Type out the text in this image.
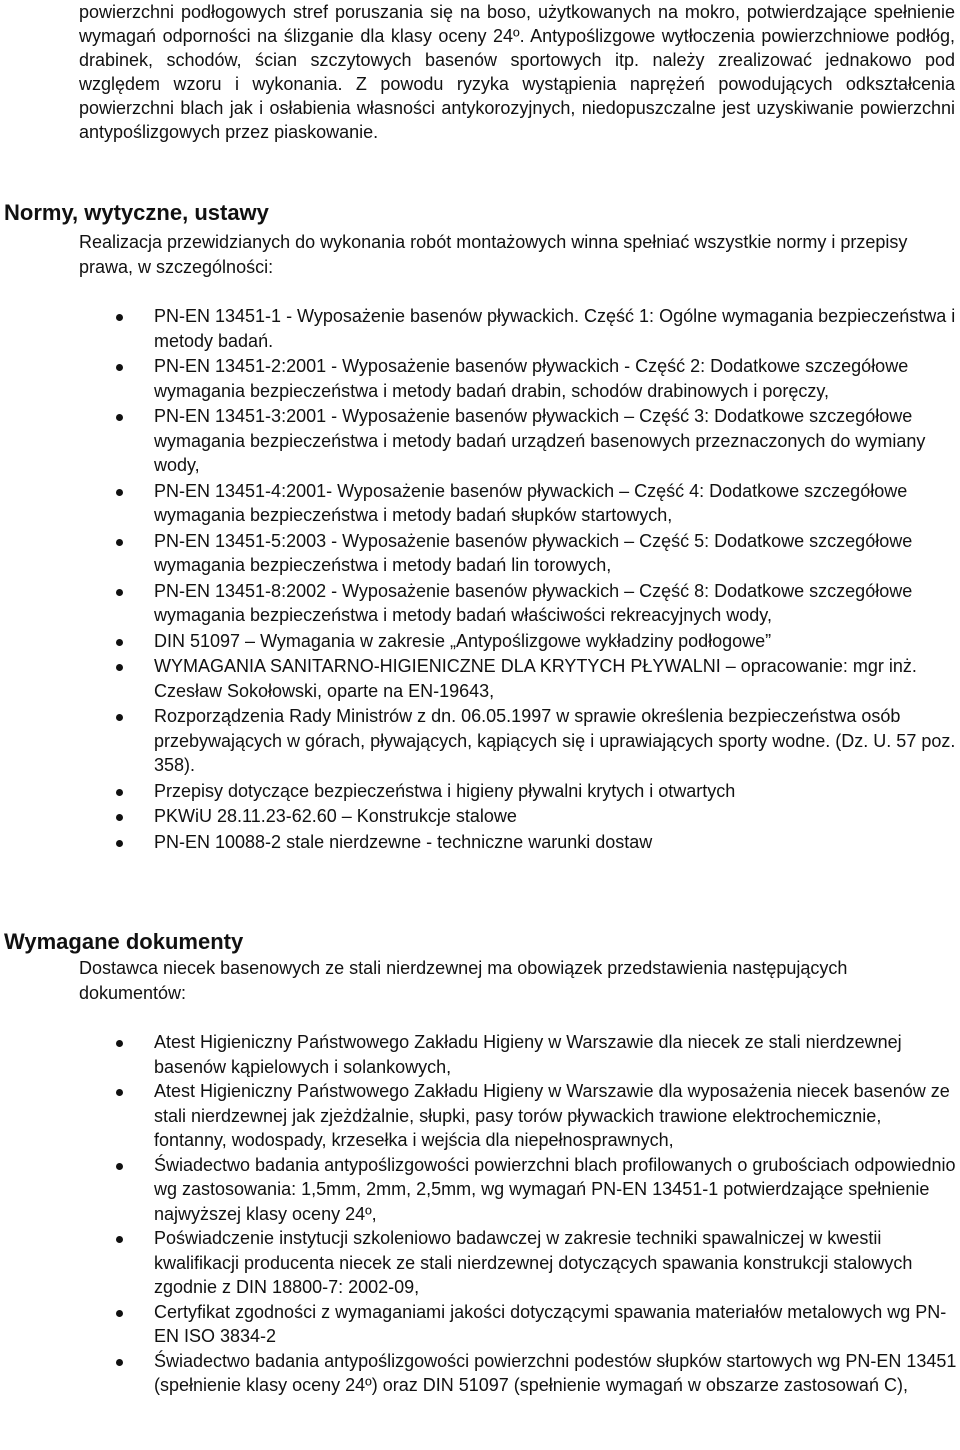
powierzchni podłogowych stref poruszania się na boso, użytkowanych na mokro, potwierdzające spełnienie wymagań odporności na ślizganie dla klasy oceny 24º. Antypoślizgowe wytłoczenia powierzchniowe podłóg, drabinek, schodów, ścian szczytowych basenów sportowych itp. należy zrealizować jednakowo pod względem wzoru i wykonania. Z powodu ryzyka wystąpienia naprężeń powodujących odkształcenia powierzchni blach jak i osłabienia własności antykorozyjnych, niedopuszczalne jest uzyskiwanie powierzchni antypoślizgowych przez piaskowanie.
Normy, wytyczne, ustawy
Realizacja przewidzianych do wykonania robót montażowych winna spełniać wszystkie normy i przepisy prawa, w szczególności:
PN-EN 13451-1 - Wyposażenie basenów pływackich. Część 1: Ogólne wymagania bezpieczeństwa i metody badań.
PN-EN 13451-2:2001 - Wyposażenie basenów pływackich - Część 2: Dodatkowe szczegółowe wymagania bezpieczeństwa i metody badań drabin, schodów drabinowych i poręczy,
PN-EN 13451-3:2001 - Wyposażenie basenów pływackich – Część 3: Dodatkowe szczegółowe wymagania bezpieczeństwa i metody badań urządzeń basenowych przeznaczonych do wymiany wody,
PN-EN 13451-4:2001- Wyposażenie basenów pływackich – Część 4: Dodatkowe szczegółowe wymagania bezpieczeństwa i metody badań słupków startowych,
PN-EN 13451-5:2003 - Wyposażenie basenów pływackich – Część 5: Dodatkowe szczegółowe wymagania bezpieczeństwa i metody badań lin torowych,
PN-EN 13451-8:2002 - Wyposażenie basenów pływackich – Część 8: Dodatkowe szczegółowe wymagania bezpieczeństwa i metody badań właściwości rekreacyjnych wody,
DIN 51097 – Wymagania w zakresie „Antypoślizgowe wykładziny podłogowe”
WYMAGANIA SANITARNO-HIGIENICZNE DLA KRYTYCH PŁYWALNI – opracowanie: mgr inż. Czesław Sokołowski, oparte na EN-19643,
Rozporządzenia Rady Ministrów z dn. 06.05.1997 w sprawie określenia bezpieczeństwa osób przebywających w górach, pływających, kąpiących się i uprawiających sporty wodne. (Dz. U. 57 poz. 358).
Przepisy dotyczące bezpieczeństwa i higieny pływalni krytych i otwartych
PKWiU 28.11.23-62.60 – Konstrukcje stalowe
PN-EN 10088-2 stale nierdzewne - techniczne warunki dostaw
Wymagane dokumenty
Dostawca niecek basenowych ze stali nierdzewnej ma obowiązek przedstawienia następujących dokumentów:
Atest Higieniczny Państwowego Zakładu Higieny w Warszawie dla niecek ze stali nierdzewnej basenów kąpielowych i solankowych,
Atest Higieniczny Państwowego Zakładu Higieny w Warszawie dla wyposażenia niecek basenów ze stali nierdzewnej jak zjeżdżalnie, słupki, pasy torów pływackich trawione elektrochemicznie, fontanny, wodospady, krzesełka i wejścia dla niepełnosprawnych,
Świadectwo badania antypoślizgowości powierzchni blach profilowanych o grubościach odpowiednio wg zastosowania: 1,5mm, 2mm, 2,5mm, wg wymagań PN-EN 13451-1 potwierdzające spełnienie najwyższej klasy oceny 24º,
Poświadczenie instytucji szkoleniowo badawczej w zakresie techniki spawalniczej w kwestii kwalifikacji producenta niecek ze stali nierdzewnej dotyczących spawania konstrukcji stalowych zgodnie z DIN 18800-7: 2002-09,
Certyfikat zgodności z wymaganiami jakości dotyczącymi spawania materiałów metalowych wg PN-EN ISO 3834-2
Świadectwo badania antypoślizgowości powierzchni podestów słupków startowych wg PN-EN 13451 (spełnienie klasy oceny 24º) oraz DIN 51097 (spełnienie wymagań w obszarze zastosowań C),
